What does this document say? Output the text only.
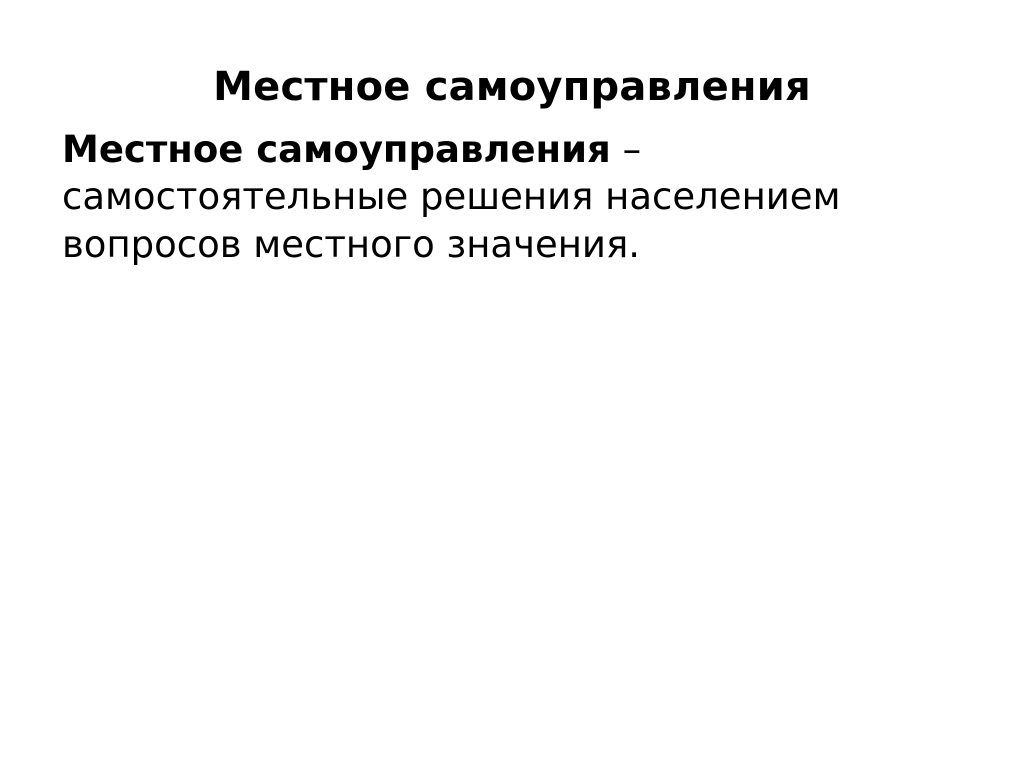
Местное самоуправления
Местное самоуправления – самостоятельные решения населением вопросов местного значения.
